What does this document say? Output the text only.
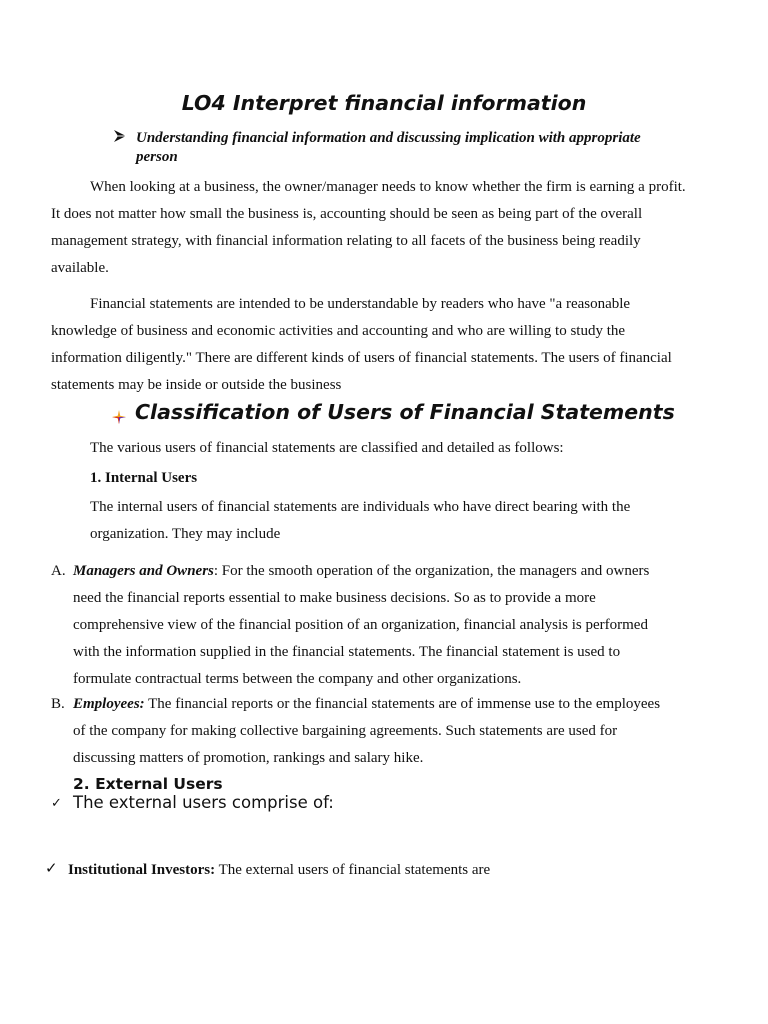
LO4 Interpret financial information
Understanding financial information and discussing implication with appropriate person
When looking at a business, the owner/manager needs to know whether the firm is earning a profit. It does not matter how small the business is, accounting should be seen as being part of the overall management strategy, with financial information relating to all facets of the business being readily available.
Financial statements are intended to be understandable by readers who have "a reasonable knowledge of business and economic activities and accounting and who are willing to study the information diligently." There are different kinds of users of financial statements. The users of financial statements may be inside or outside the business
Classification of Users of Financial Statements
The various users of financial statements are classified and detailed as follows:
1. Internal Users
The internal users of financial statements are individuals who have direct bearing with the organization. They may include
A. Managers and Owners: For the smooth operation of the organization, the managers and owners need the financial reports essential to make business decisions. So as to provide a more comprehensive view of the financial position of an organization, financial analysis is performed with the information supplied in the financial statements. The financial statement is used to formulate contractual terms between the company and other organizations.
B. Employees: The financial reports or the financial statements are of immense use to the employees of the company for making collective bargaining agreements. Such statements are used for discussing matters of promotion, rankings and salary hike.
2. External Users
✓ The external users comprise of:
✓ Institutional Investors: The external users of financial statements are
